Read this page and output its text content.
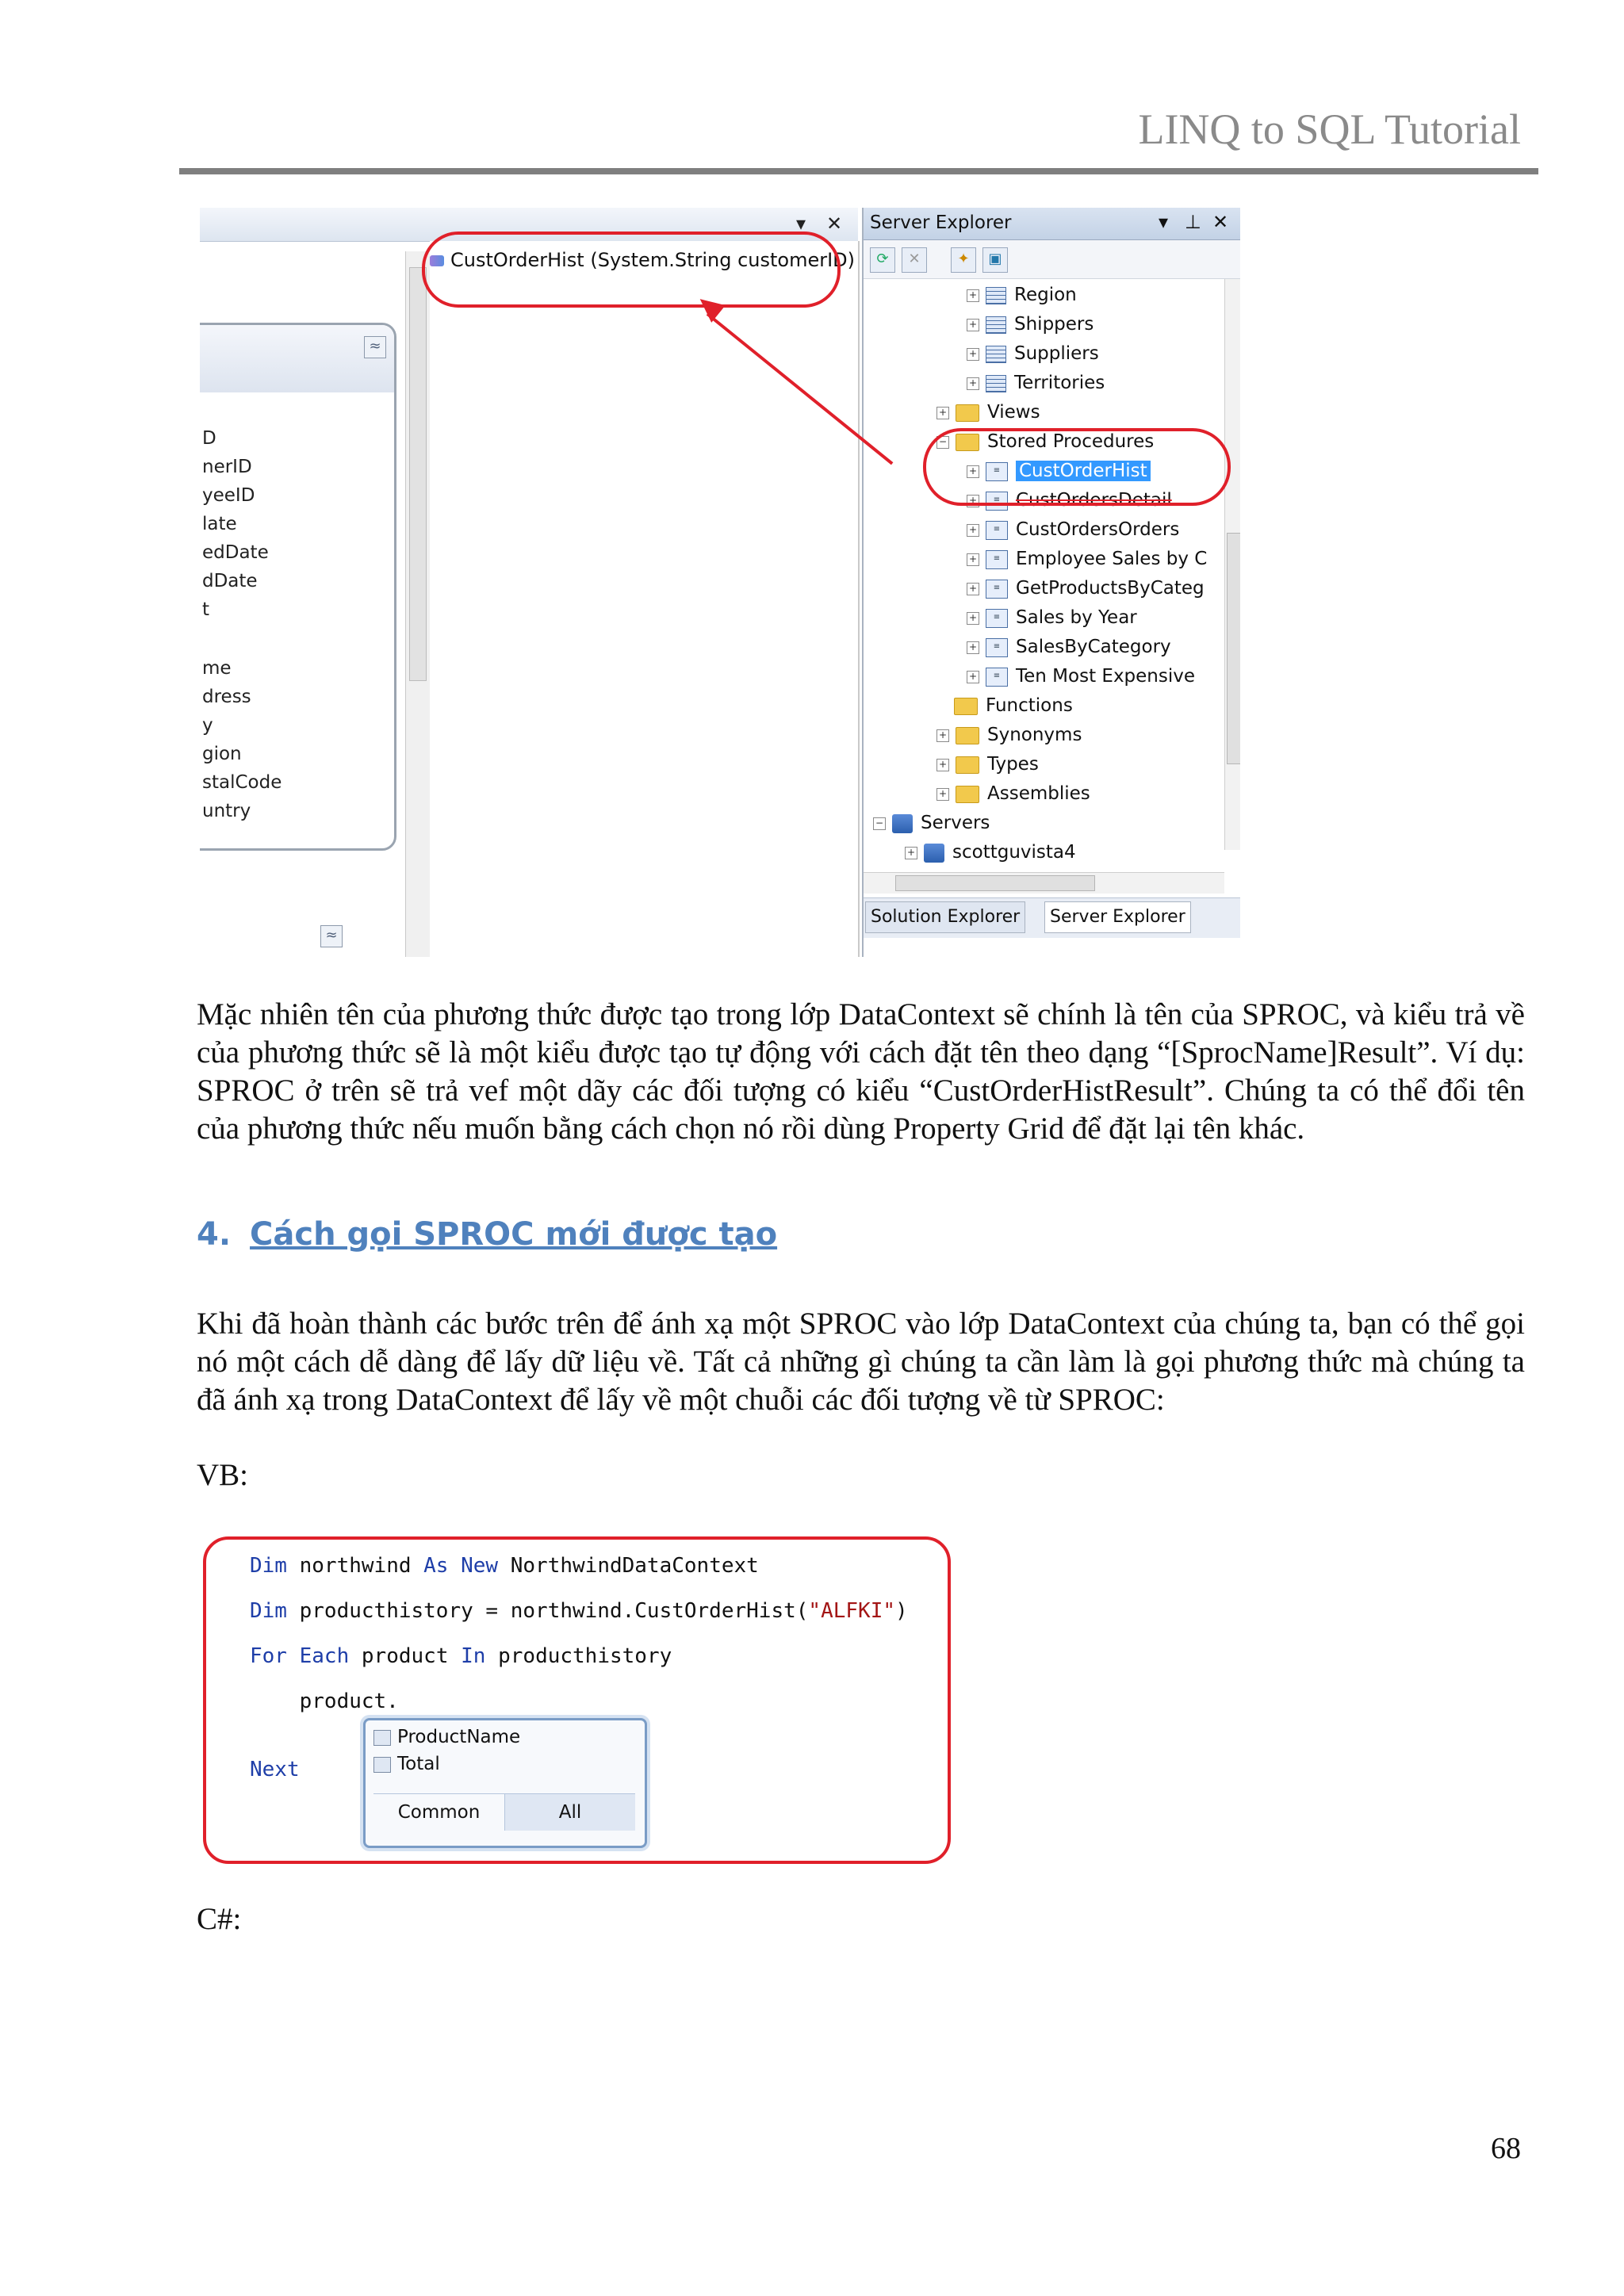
LINQ to SQL Tutorial
▾ ✕
≈
D
nerID
yeeID
late
edDate
dDate
t
me
dress
y
gion
stalCode
untry
≈
CustOrderHist (System.String customerID)
Server Explorer	▾ ⊥ ✕
⟳	✕	✦	▣
+ Region
+ Shippers
+ Suppliers
+ Territories
+ Views
− Stored Procedures
+ ≡ CustOrderHist
+ ≡ CustOrdersDetail
+ ≡ CustOrdersOrders
+ ≡ Employee Sales by C
+ ≡ GetProductsByCateg
+ ≡ Sales by Year
+ ≡ SalesByCategory
+ ≡ Ten Most Expensive
Functions
+ Synonyms
+ Types
+ Assemblies
− Servers
+ scottguvista4
Solution Explorer	Server Explorer
Mặc nhiên tên của phương thức được tạo trong lớp DataContext sẽ chính là tên của SPROC, và kiểu trả về của phương thức sẽ là một kiểu được tạo tự động với cách đặt tên theo dạng “[SprocName]Result”. Ví dụ: SPROC ở trên sẽ trả vef một dãy các đối tượng có kiểu “CustOrderHistResult”. Chúng ta có thể đổi tên của phương thức nếu muốn bằng cách chọn nó rồi dùng Property Grid để đặt lại tên khác.
4. Cách gọi SPROC mới được tạo
Khi đã hoàn thành các bước trên để ánh xạ một SPROC vào lớp DataContext của chúng ta, bạn có thể gọi nó một cách dễ dàng để lấy dữ liệu về. Tất cả những gì chúng ta cần làm là gọi phương thức mà chúng ta đã ánh xạ trong DataContext để lấy về một chuỗi các đối tượng về từ SPROC:
VB:
Dim northwind As New NorthwindDataContext
Dim producthistory = northwind.CustOrderHist("ALFKI")
For Each product In producthistory
product.
Next
ProductName
Total
Common	All
C#:
68
